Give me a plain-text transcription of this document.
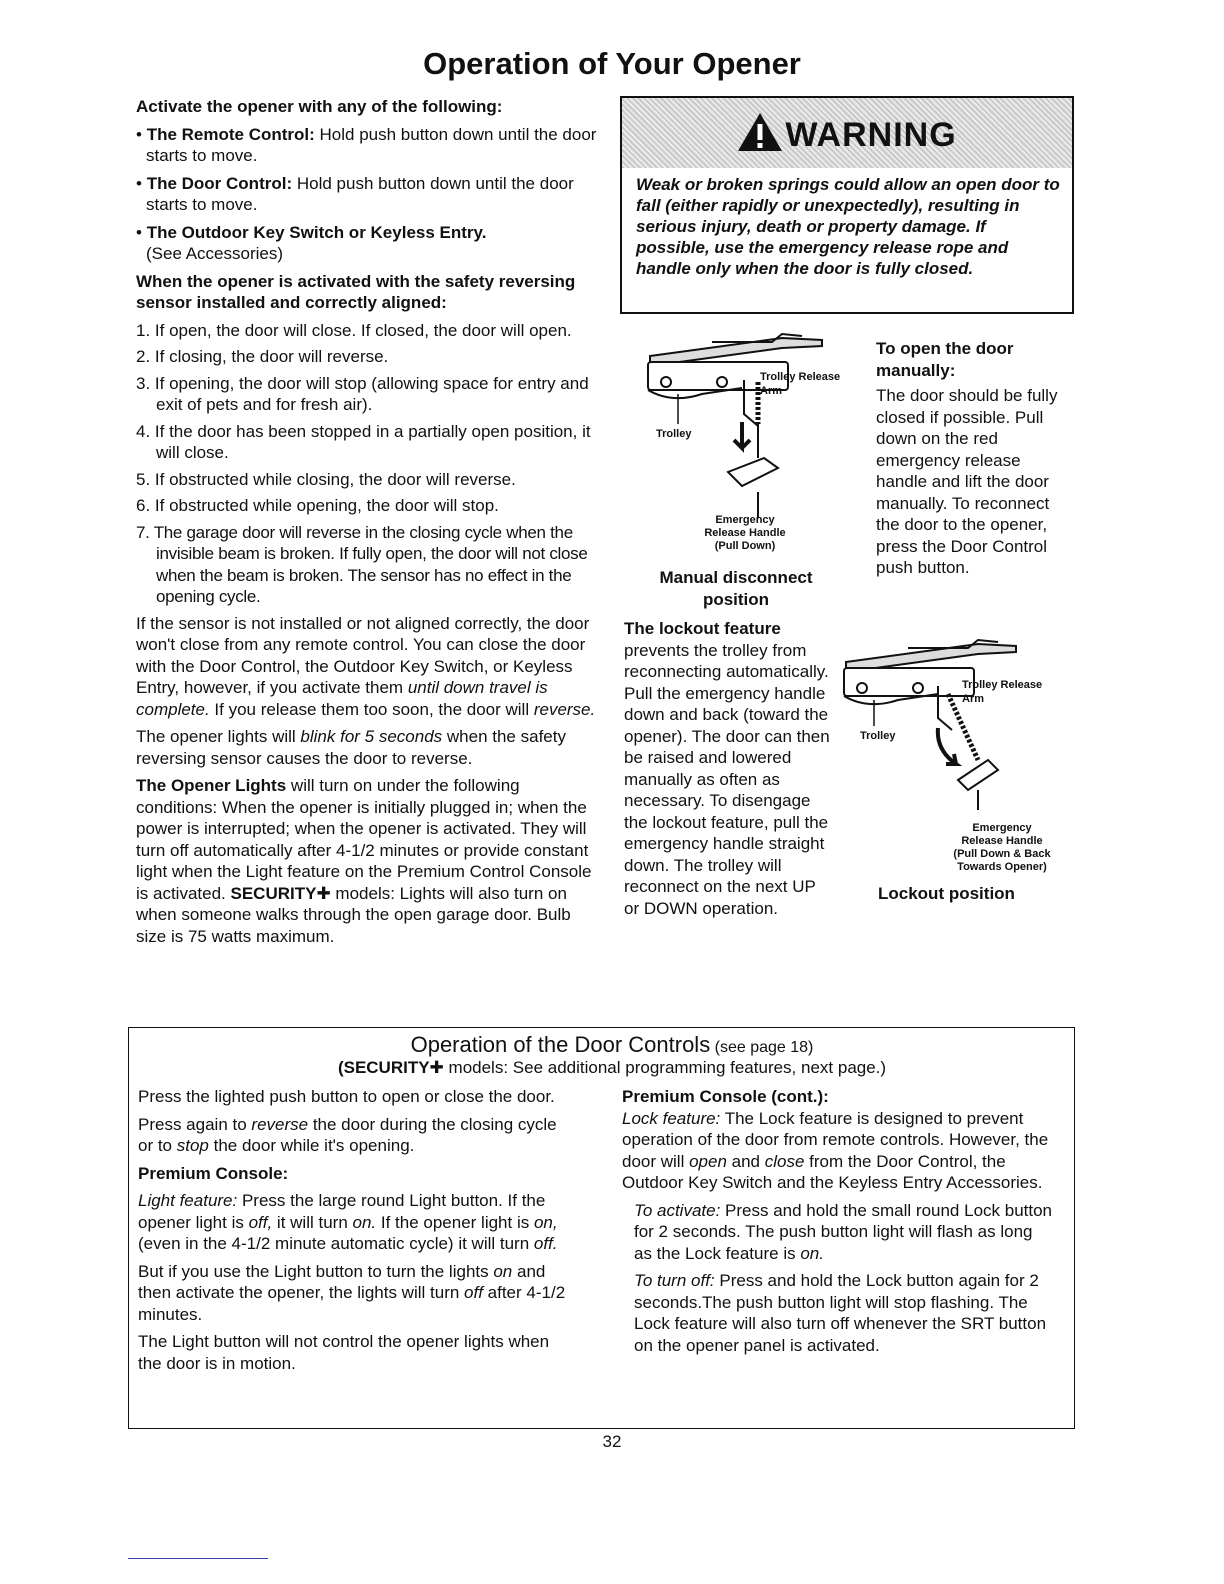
Operation of Your Opener

Activate the opener with any of the following:

• The Remote Control: Hold push button down until the door starts to move.

• The Door Control: Hold push button down until the door starts to move.

• The Outdoor Key Switch or Keyless Entry.
(See Accessories)

When the opener is activated with the safety reversing sensor installed and correctly aligned:

1. If open, the door will close. If closed, the door will open.
2. If closing, the door will reverse.
3. If opening, the door will stop (allowing space for entry and exit of pets and for fresh air).
4. If the door has been stopped in a partially open position, it will close.
5. If obstructed while closing, the door will reverse.
6. If obstructed while opening, the door will stop.
7. The garage door will reverse in the closing cycle when the invisible beam is broken. If fully open, the door will not close when the beam is broken. The sensor has no effect in the opening cycle.

If the sensor is not installed or not aligned correctly, the door won't close from any remote control. You can close the door with the Door Control, the Outdoor Key Switch, or Keyless Entry, however, if you activate them until down travel is complete. If you release them too soon, the door will reverse.

The opener lights will blink for 5 seconds when the safety reversing sensor causes the door to reverse.

The Opener Lights will turn on under the following conditions: When the opener is initially plugged in; when the power is interrupted; when the opener is activated. They will turn off automatically after 4-1/2 minutes or provide constant light when the Light feature on the Premium Control Console is activated. SECURITY✚ models: Lights will also turn on when someone walks through the open garage door. Bulb size is 75 watts maximum.

WARNING
Weak or broken springs could allow an open door to fall (either rapidly or unexpectedly), resulting in serious injury, death or property damage. If possible, use the emergency release rope and handle only when the door is fully closed.
Trolley Release Arm
Trolley
Emergency
Release Handle
(Pull Down)
Manual disconnect position

To open the door manually:

The door should be fully closed if possible. Pull down on the red emergency release handle and lift the door manually. To reconnect the door to the opener, press the Door Control push button.

The lockout feature

prevents the trolley from reconnecting automatically. Pull the emergency handle down and back (toward the opener). The door can then be raised and lowered manually as often as necessary. To disengage the lockout feature, pull the emergency handle straight down. The trolley will reconnect on the next UP or DOWN operation.

Trolley Release Arm
Trolley
Emergency
Release Handle
(Pull Down & Back
Towards Opener)
Lockout position
Operation of the Door Controls (see page 18)
(SECURITY✚ models: See additional programming features, next page.)

Press the lighted push button to open or close the door.

Press again to reverse the door during the closing cycle or to stop the door while it's opening.

Premium Console:

Light feature: Press the large round Light button. If the opener light is off, it will turn on. If the opener light is on, (even in the 4-1/2 minute automatic cycle) it will turn off.

But if you use the Light button to turn the lights on and then activate the opener, the lights will turn off after 4-1/2 minutes.

The Light button will not control the opener lights when the door is in motion.

Premium Console (cont.):

Lock feature: The Lock feature is designed to prevent operation of the door from remote controls. However, the door will open and close from the Door Control, the Outdoor Key Switch and the Keyless Entry Accessories.

To activate: Press and hold the small round Lock button for 2 seconds. The push button light will flash as long as the Lock feature is on.

To turn off: Press and hold the Lock button again for 2 seconds.The push button light will stop flashing. The Lock feature will also turn off whenever the SRT button on the opener panel is activated.

32
